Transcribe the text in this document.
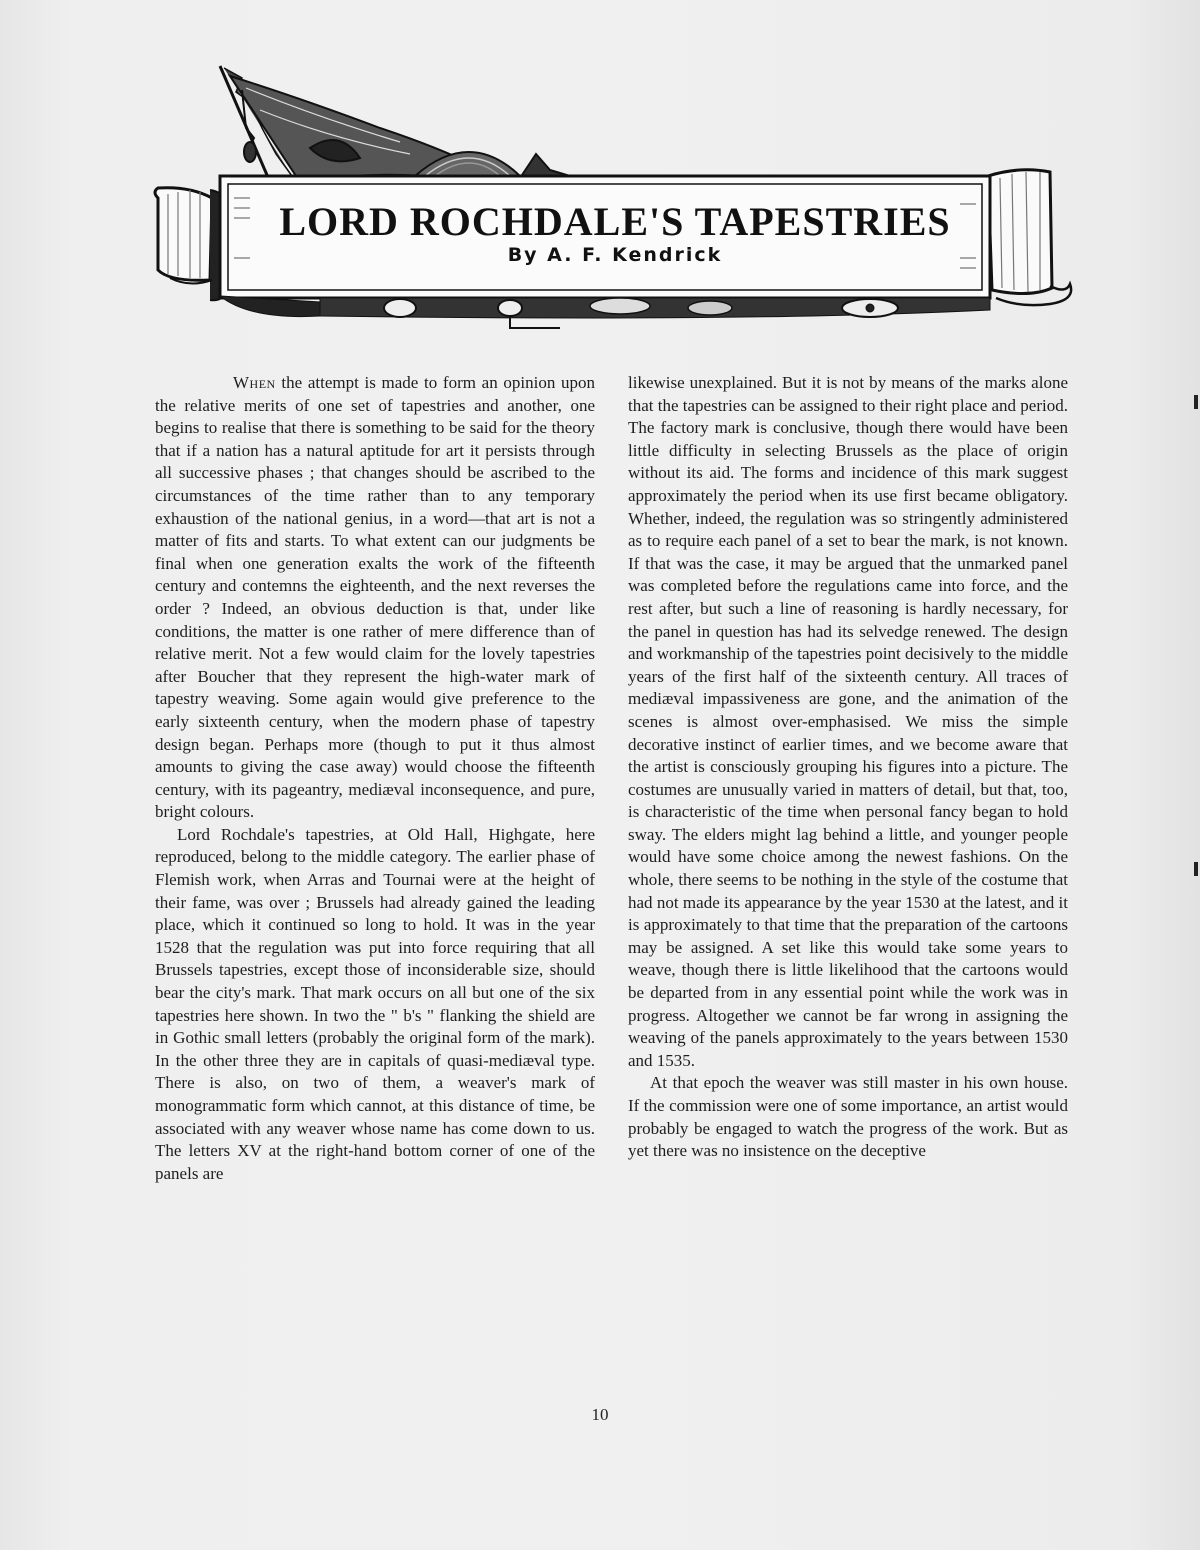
LORD ROCHDALE'S TAPESTRIES
By A. F. Kendrick

When the attempt is made to form an opinion upon the relative merits of one set of tapestries and another, one begins to realise that there is something to be said for the theory that if a nation has a natural aptitude for art it persists through all successive phases ; that changes should be ascribed to the circumstances of the time rather than to any temporary exhaustion of the national genius, in a word—that art is not a matter of fits and starts. To what extent can our judgments be final when one generation exalts the work of the fifteenth century and contemns the eighteenth, and the next reverses the order ? Indeed, an obvious deduction is that, under like conditions, the matter is one rather of mere difference than of relative merit. Not a few would claim for the lovely tapestries after Boucher that they represent the high-water mark of tapestry weaving. Some again would give preference to the early sixteenth century, when the modern phase of tapestry design began. Perhaps more (though to put it thus almost amounts to giving the case away) would choose the fifteenth century, with its pageantry, mediæval inconsequence, and pure, bright colours.

Lord Rochdale's tapestries, at Old Hall, Highgate, here reproduced, belong to the middle category. The earlier phase of Flemish work, when Arras and Tournai were at the height of their fame, was over ; Brussels had already gained the leading place, which it continued so long to hold. It was in the year 1528 that the regulation was put into force requiring that all Brussels tapestries, except those of inconsiderable size, should bear the city's mark. That mark occurs on all but one of the six tapestries here shown. In two the " b's " flanking the shield are in Gothic small letters (probably the original form of the mark). In the other three they are in capitals of quasi-mediæval type. There is also, on two of them, a weaver's mark of monogrammatic form which cannot, at this distance of time, be associated with any weaver whose name has come down to us. The letters XV at the right-hand bottom corner of one of the panels are

likewise unexplained. But it is not by means of the marks alone that the tapestries can be assigned to their right place and period. The factory mark is conclusive, though there would have been little difficulty in selecting Brussels as the place of origin without its aid. The forms and incidence of this mark suggest approximately the period when its use first became obligatory. Whether, indeed, the regulation was so stringently administered as to require each panel of a set to bear the mark, is not known. If that was the case, it may be argued that the unmarked panel was completed before the regulations came into force, and the rest after, but such a line of reasoning is hardly necessary, for the panel in question has had its selvedge renewed. The design and workmanship of the tapestries point decisively to the middle years of the first half of the sixteenth century. All traces of mediæval impassiveness are gone, and the animation of the scenes is almost over-emphasised. We miss the simple decorative instinct of earlier times, and we become aware that the artist is consciously grouping his figures into a picture. The costumes are unusually varied in matters of detail, but that, too, is characteristic of the time when personal fancy began to hold sway. The elders might lag behind a little, and younger people would have some choice among the newest fashions. On the whole, there seems to be nothing in the style of the costume that had not made its appearance by the year 1530 at the latest, and it is approximately to that time that the preparation of the cartoons may be assigned. A set like this would take some years to weave, though there is little likelihood that the cartoons would be departed from in any essential point while the work was in progress. Altogether we cannot be far wrong in assigning the weaving of the panels approximately to the years between 1530 and 1535.

At that epoch the weaver was still master in his own house. If the commission were one of some importance, an artist would probably be engaged to watch the progress of the work. But as yet there was no insistence on the deceptive

10
